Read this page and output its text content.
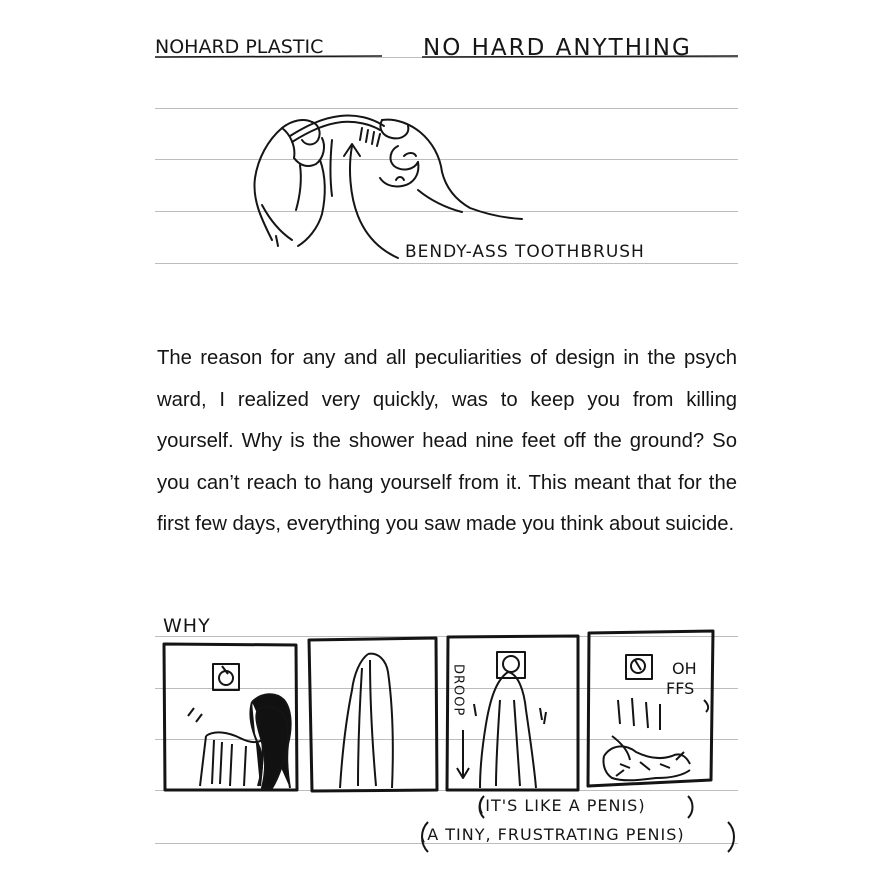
NOHARD PLASTIC	NO HARD ANYTHING
DROOP	OH
FFS
BENDY-ASS TOOTHBRUSH

The reason for any and all peculiarities of design in the psych ward, I realized very quickly, was to keep you from killing yourself. Why is the shower head nine feet off the ground? So you can’t reach to hang yourself from it. This meant that for the first few days, everything you saw made you think about suicide.

WHY
(IT'S LIKE A PENIS)
(A TINY, FRUSTRATING PENIS)
